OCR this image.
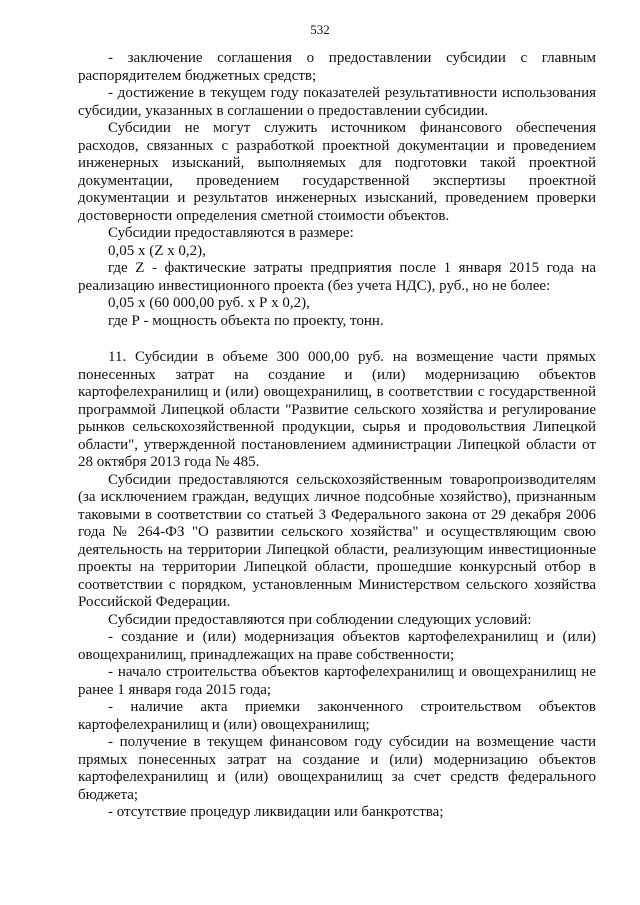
532

- заключение соглашения о предоставлении субсидии с главным распорядителем бюджетных средств;

- достижение в текущем году показателей результативности использования субсидии, указанных в соглашении о предоставлении субсидии.

Субсидии не могут служить источником финансового обеспечения расходов, связанных с разработкой проектной документации и проведением инженерных изысканий, выполняемых для подготовки такой проектной документации, проведением государственной экспертизы проектной документации и результатов инженерных изысканий, проведением проверки достоверности определения сметной стоимости объектов.

Субсидии предоставляются в размере:

0,05 х (Z х 0,2),

где Z - фактические затраты предприятия после 1 января 2015 года на реализацию инвестиционного проекта (без учета НДС), руб., но не более:

0,05 х (60 000,00 руб. х Р х 0,2),

где Р - мощность объекта по проекту, тонн.

11. Субсидии в объеме 300 000,00 руб. на возмещение части прямых понесенных затрат на создание и (или) модернизацию объектов картофелехранилищ и (или) овощехранилищ, в соответствии с государственной программой Липецкой области "Развитие сельского хозяйства и регулирование рынков сельскохозяйственной продукции, сырья и продовольствия Липецкой области", утвержденной постановлением администрации Липецкой области от 28 октября 2013 года № 485.

Субсидии предоставляются сельскохозяйственным товаропроизводителям (за исключением граждан, ведущих личное подсобные хозяйство), признанным таковыми в соответствии со статьей 3 Федерального закона от 29 декабря 2006 года № 264-ФЗ "О развитии сельского хозяйства" и осуществляющим свою деятельность на территории Липецкой области, реализующим инвестиционные проекты на территории Липецкой области, прошедшие конкурсный отбор в соответствии с порядком, установленным Министерством сельского хозяйства Российской Федерации.

Субсидии предоставляются при соблюдении следующих условий:

- создание и (или) модернизация объектов картофелехранилищ и (или) овощехранилищ, принадлежащих на праве собственности;

- начало строительства объектов картофелехранилищ и овощехранилищ не ранее 1 января года 2015 года;

- наличие акта приемки законченного строительством объектов картофелехранилищ и (или) овощехранилищ;

- получение в текущем финансовом году субсидии на возмещение части прямых понесенных затрат на создание и (или) модернизацию объектов картофелехранилищ и (или) овощехранилищ за счет средств федерального бюджета;

- отсутствие процедур ликвидации или банкротства;
